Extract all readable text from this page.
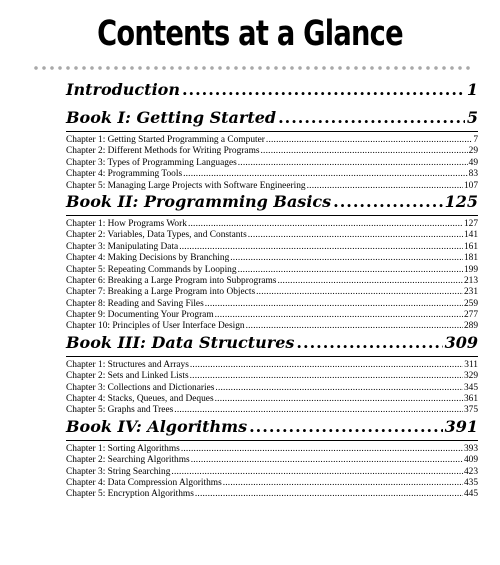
Contents at a Glance
Introduction .....	1
Book I: Getting Started .....	5
Chapter 1: Getting Started Programming a Computer .....	7
Chapter 2: Different Methods for Writing Programs .....	29
Chapter 3: Types of Programming Languages .....	49
Chapter 4: Programming Tools .....	83
Chapter 5: Managing Large Projects with Software Engineering .....	107
Book II: Programming Basics .....	125
Chapter 1: How Programs Work .....	127
Chapter 2: Variables, Data Types, and Constants .....	141
Chapter 3: Manipulating Data .....	161
Chapter 4: Making Decisions by Branching .....	181
Chapter 5: Repeating Commands by Looping .....	199
Chapter 6: Breaking a Large Program into Subprograms .....	213
Chapter 7: Breaking a Large Program into Objects .....	231
Chapter 8: Reading and Saving Files .....	259
Chapter 9: Documenting Your Program .....	277
Chapter 10: Principles of User Interface Design .....	289
Book III: Data Structures .....	309
Chapter 1: Structures and Arrays .....	311
Chapter 2: Sets and Linked Lists .....	329
Chapter 3: Collections and Dictionaries .....	345
Chapter 4: Stacks, Queues, and Deques .....	361
Chapter 5: Graphs and Trees .....	375
Book IV: Algorithms .....	391
Chapter 1: Sorting Algorithms .....	393
Chapter 2: Searching Algorithms .....	409
Chapter 3: String Searching .....	423
Chapter 4: Data Compression Algorithms .....	435
Chapter 5: Encryption Algorithms .....	445
